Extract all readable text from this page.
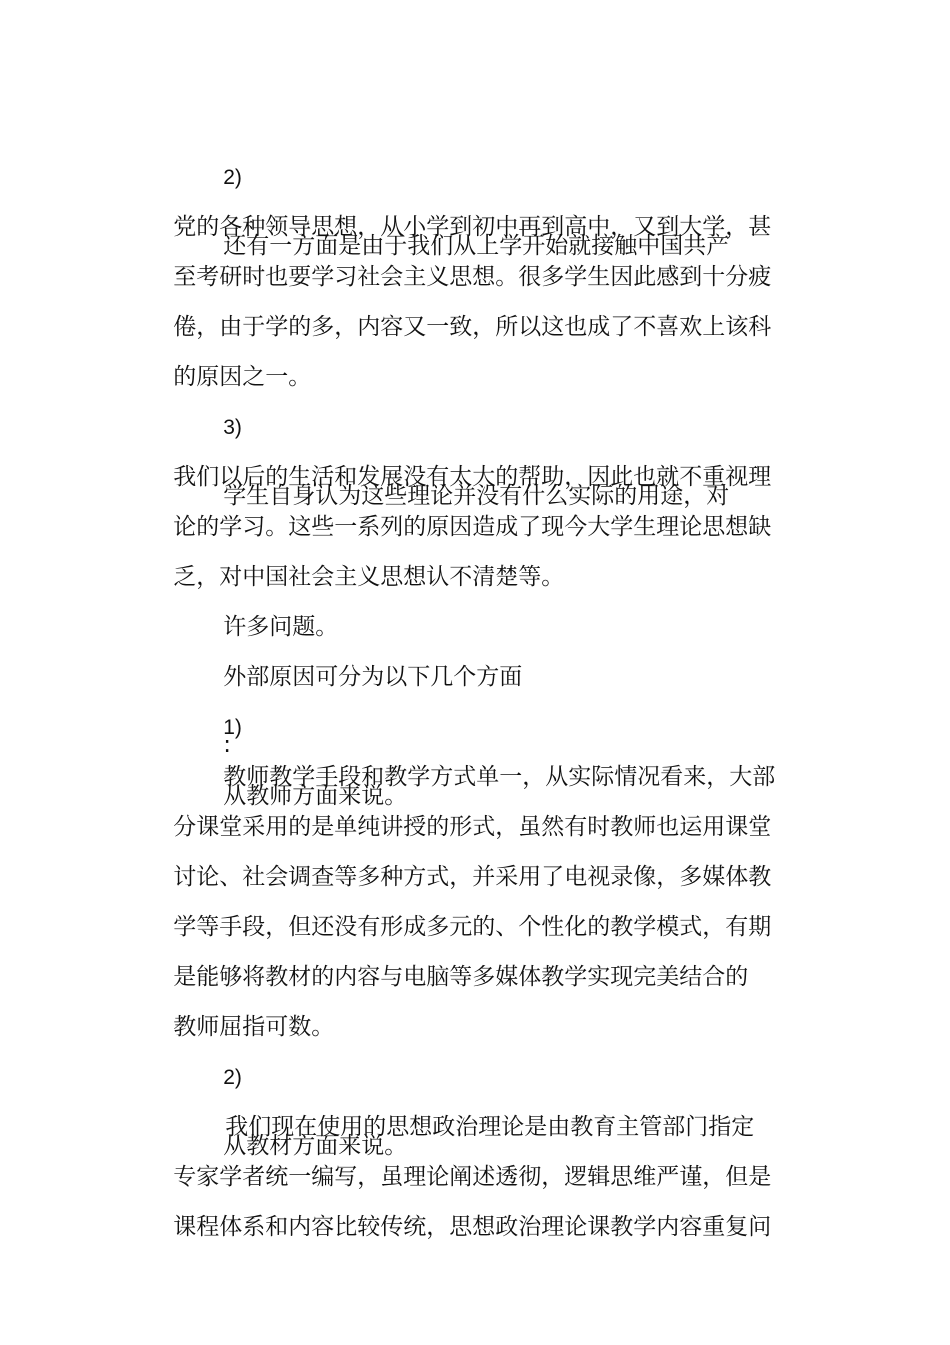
2)

还有一方面是由于我们从上学开始就接触中国共产

党的各种领导思想，从小学到初中再到高中，又到大学，甚

至考研时也要学习社会主义思想。很多学生因此感到十分疲

倦，由于学的多，内容又一致，所以这也成了不喜欢上该科

的原因之一。

3)

学生自身认为这些理论并没有什么实际的用途，对

我们以后的生活和发展没有太大的帮助，因此也就不重视理

论的学习。这些一系列的原因造成了现今大学生理论思想缺

乏，对中国社会主义思想认不清楚等。

许多问题。

外部原因可分为以下几个方面

:

1)

从教师方面来说。

教师教学手段和教学方式单一，从实际情况看来，大部

分课堂采用的是单纯讲授的形式，虽然有时教师也运用课堂

讨论、社会调查等多种方式，并采用了电视录像，多媒体教

学等手段，但还没有形成多元的、个性化的教学模式，有期

是能够将教材的内容与电脑等多媒体教学实现完美结合的

教师屈指可数。

2)

从教材方面来说。

我们现在使用的思想政治理论是由教育主管部门指定

专家学者统一编写，虽理论阐述透彻，逻辑思维严谨，但是

课程体系和内容比较传统，思想政治理论课教学内容重复问
